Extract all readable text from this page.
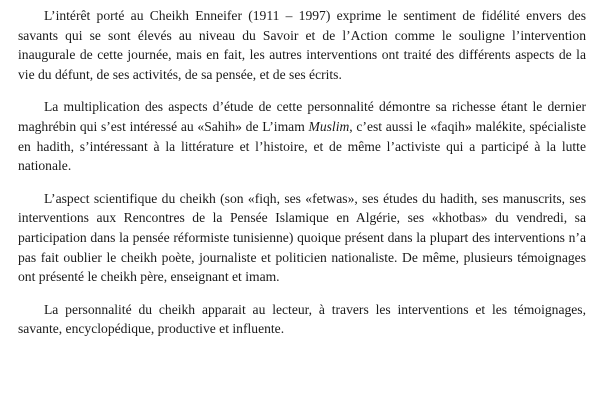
L’intérêt porté au Cheikh Enneifer (1911 – 1997) exprime le sentiment de fidélité envers des savants qui se sont élevés au niveau du Savoir et de l’Action comme le souligne l’intervention inaugurale de cette journée, mais en fait, les autres interventions ont traité des différents aspects de la vie du défunt, de ses activités, de sa pensée, et de ses écrits.

La multiplication des aspects d’étude de cette personnalité démontre sa richesse étant le dernier maghrébin qui s’est intéressé au «Sahih» de L’imam Muslim, c’est aussi le «faqih» malékite, spécialiste en hadith, s’intéressant à la littérature et l’histoire, et de même l’activiste qui a participé à la lutte nationale.

L’aspect scientifique du cheikh (son «fiqh, ses «fetwas», ses études du hadith, ses manuscrits, ses interventions aux Rencontres de la Pensée Islamique en Algérie, ses «khotbas» du vendredi, sa participation dans la pensée réformiste tunisienne) quoique présent dans la plupart des interventions n’a pas fait oublier le cheikh poète, journaliste et politicien nationaliste. De même, plusieurs témoignages ont présenté le cheikh père, enseignant et imam.

La personnalité du cheikh apparait au lecteur, à travers les interventions et les témoignages, savante, encyclopédique, productive et influente.
